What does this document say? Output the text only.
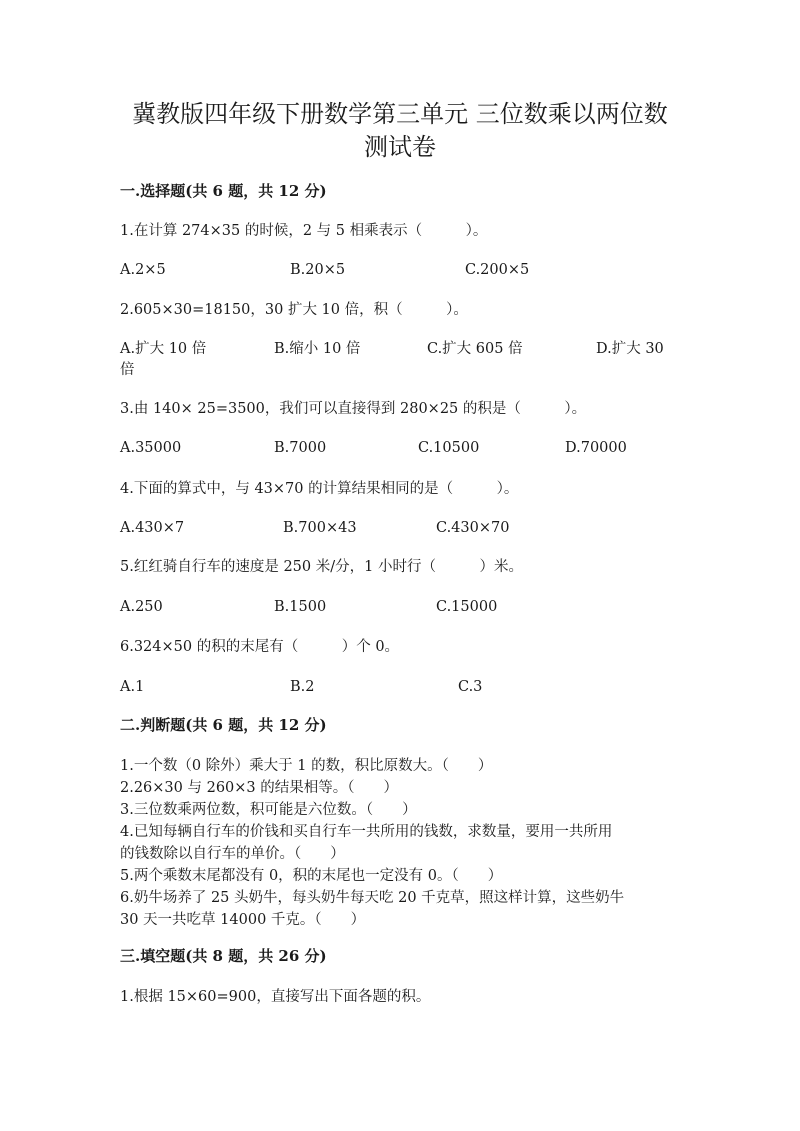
冀教版四年级下册数学第三单元 三位数乘以两位数
测试卷
一.选择题(共 6 题，共 12 分)
1.在计算 274×35 的时候，2 与 5 相乘表示（　　　）。
A.2×5	B.20×5	C.200×5
2.605×30=18150，30 扩大 10 倍，积（　　　）。
A.扩大 10 倍	B.缩小 10 倍	C.扩大 605 倍	D.扩大 30
倍
3.由 140× 25=3500，我们可以直接得到 280×25 的积是（　　　）。
A.35000	B.7000	C.10500	D.70000
4.下面的算式中，与 43×70 的计算结果相同的是（　　　）。
A.430×7	B.700×43	C.430×70
5.红红骑自行车的速度是 250 米/分，1 小时行（　　　）米。
A.250	B.1500	C.15000
6.324×50 的积的末尾有（　　　）个 0。
A.1	B.2	C.3
二.判断题(共 6 题，共 12 分)
1.一个数（0 除外）乘大于 1 的数，积比原数大。（　　）
2.26×30 与 260×3 的结果相等。（　　）
3.三位数乘两位数，积可能是六位数。（　　）
4.已知每辆自行车的价钱和买自行车一共所用的钱数，求数量，要用一共所用
的钱数除以自行车的单价。（　　）
5.两个乘数末尾都没有 0，积的末尾也一定没有 0。（　　）
6.奶牛场养了 25 头奶牛，每头奶牛每天吃 20 千克草，照这样计算，这些奶牛
30 天一共吃草 14000 千克。（　　）
三.填空题(共 8 题，共 26 分)
1.根据 15×60=900，直接写出下面各题的积。
